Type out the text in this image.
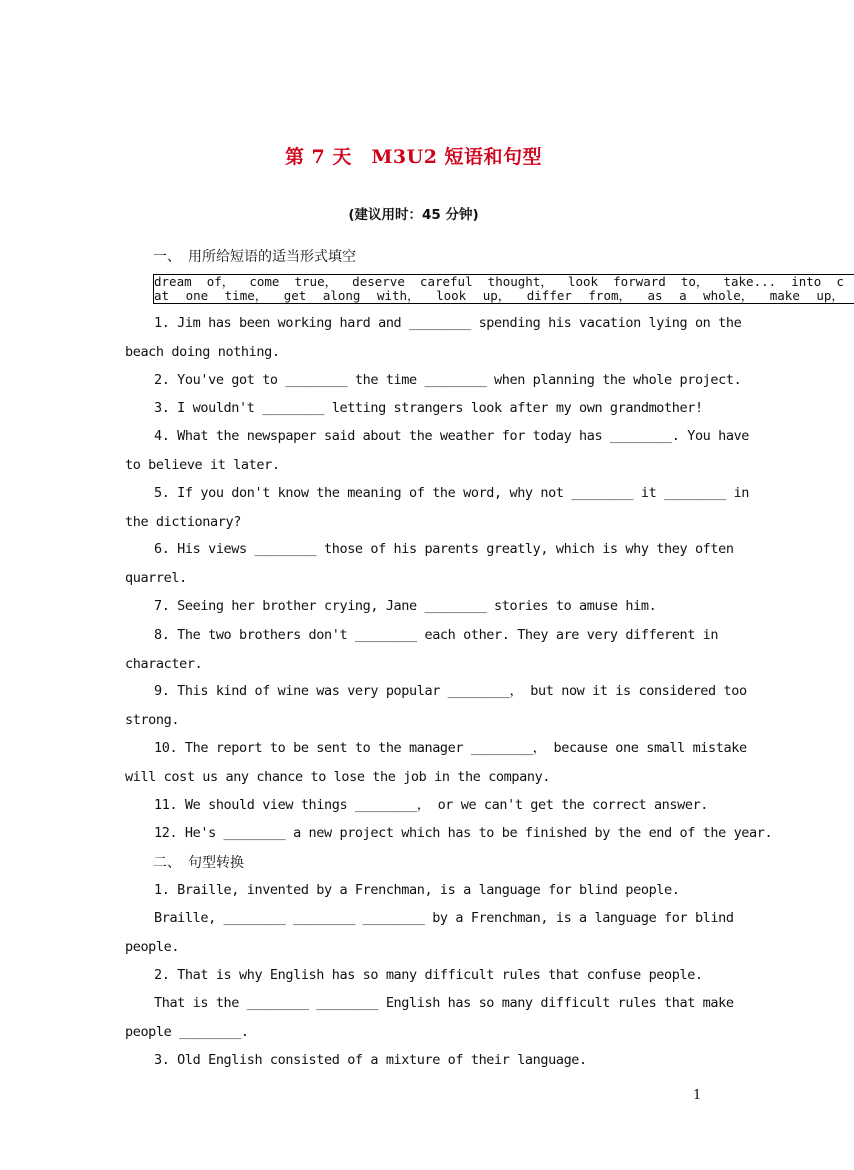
第 7 天　M3U2 短语和句型
(建议用时：45 分钟)
一、　用所给短语的适当形式填空
dream of， come true， deserve careful thought， look forward to， take... into c
at one time， get along with， look up， differ from， as a whole， make up，
1. Jim has been working hard and ________ spending his vacation lying on the
beach doing nothing.
2. You've got to ________ the time ________ when planning the whole project.
3. I wouldn't ________ letting strangers look after my own grandmother!
4. What the newspaper said about the weather for today has ________. You have
to believe it later.
5. If you don't know the meaning of the word, why not ________ it ________ in
the dictionary?
6. His views ________ those of his parents greatly, which is why they often
quarrel.
7. Seeing her brother crying, Jane ________ stories to amuse him.
8. The two brothers don't ________ each other. They are very different in
character.
9. This kind of wine was very popular ________， but now it is considered too
strong.
10. The report to be sent to the manager ________， because one small mistake
will cost us any chance to lose the job in the company.
11. We should view things ________， or we can't get the correct answer.
12. He's ________ a new project which has to be finished by the end of the year.
二、　句型转换
1. Braille, invented by a Frenchman, is a language for blind people.
Braille, ________ ________ ________ by a Frenchman, is a language for blind
people.
2. That is why English has so many difficult rules that confuse people.
That is the ________ ________ English has so many difficult rules that make
people ________.
3. Old English consisted of a mixture of their language.
1
